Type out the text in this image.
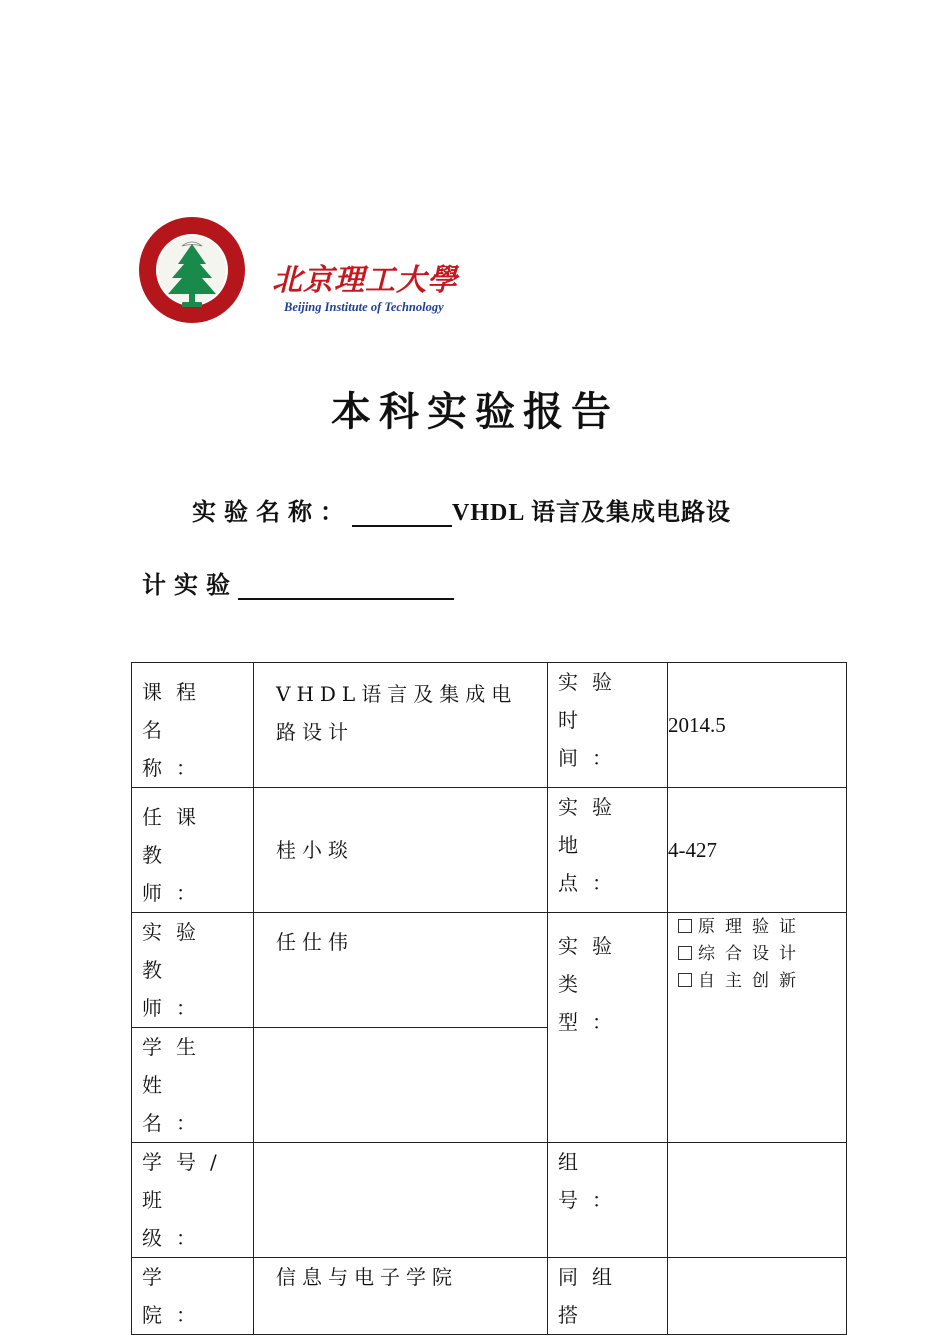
北京理工大學
Beijing Institute of Technology
本科实验报告
实验名称：	VHDL 语言及集成电路设
计实验
课程名称：	VHDL语言及集成电路设计	实验时间：	2014.5

任课教师：	桂小琰	实验地点：	4-427

实验教师：	任仕伟	实验类型：	原理验证
综合设计
自主创新

学生姓名：			

学号/班级：		组号：	

学院：	信息与电子学院	同组搭	
